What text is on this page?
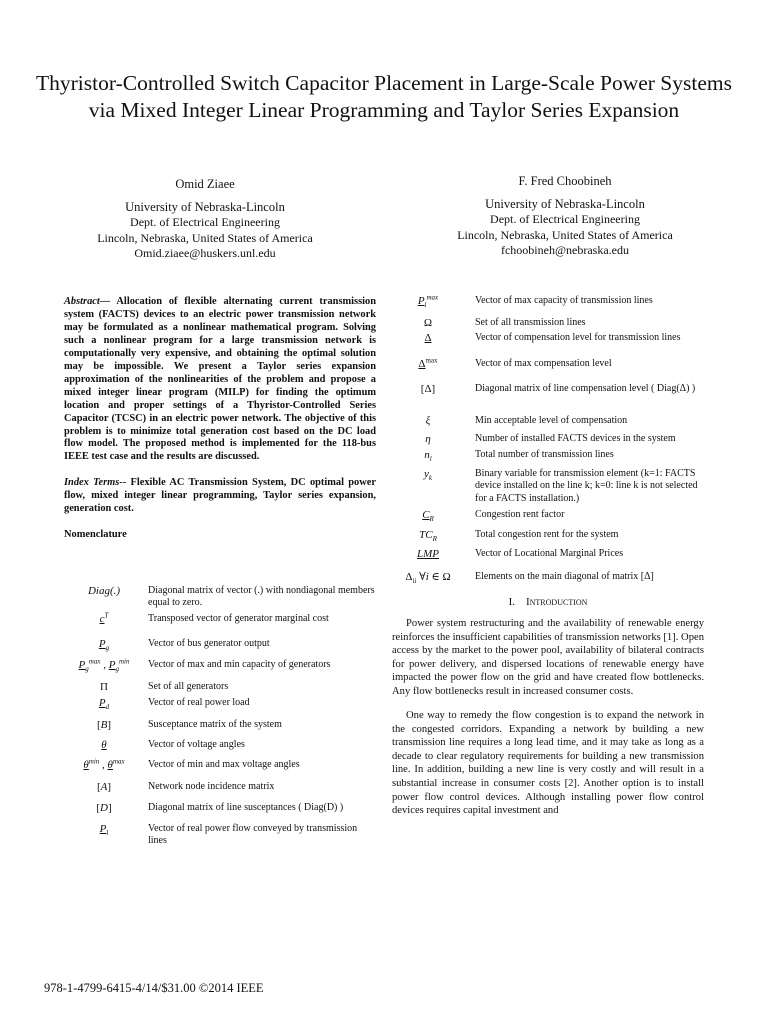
Thyristor-Controlled Switch Capacitor Placement in Large-Scale Power Systems via Mixed Integer Linear Programming and Taylor Series Expansion
Omid Ziaee
University of Nebraska-Lincoln
Dept. of Electrical Engineering
Lincoln, Nebraska, United States of America
Omid.ziaee@huskers.unl.edu
F. Fred Choobineh
University of Nebraska-Lincoln
Dept. of Electrical Engineering
Lincoln, Nebraska, United States of America
fchoobineh@nebraska.edu
Abstract— Allocation of flexible alternating current transmission system (FACTS) devices to an electric power transmission network may be formulated as a nonlinear mathematical program. Solving such a nonlinear program for a large transmission network is computationally very expensive, and obtaining the optimal solution may be impossible. We present a Taylor series expansion approximation of the nonlinearities of the problem and propose a mixed integer linear program (MILP) for finding the optimum location and proper settings of a Thyristor-Controlled Series Capacitor (TCSC) in an electric power network. The objective of this problem is to minimize total generation cost based on the DC load flow model. The proposed method is implemented for the 118-bus IEEE test case and the results are discussed.
Index Terms-- Flexible AC Transmission System, DC optimal power flow, mixed integer linear programming, Taylor series expansion, generation cost.
Nomenclature
Diag(.)	Diagonal matrix of vector (.) with nondiagonal members equal to zero.
$c^T$	Transposed vector of generator marginal cost
$P_g$	Vector of bus generator output
$P_g^{max}$ , $P_g^{min}$	Vector of max and min capacity of generators
Π	Set of all generators
$P_d$	Vector of real power load
[B]	Susceptance matrix of the system
θ	Vector of voltage angles
$\theta^{min}$ , $\theta^{max}$	Vector of min and max voltage angles
[A]	Network node incidence matrix
[D]	Diagonal matrix of line susceptances ( Diag(D) )
$P_l$	Vector of real power flow conveyed by transmission lines
$P_l^{max}$	Vector of max capacity of transmission lines
Ω	Set of all transmission lines
Δ	Vector of compensation level for transmission lines
$\Delta^{max}$	Vector of max compensation level
[Δ]	Diagonal matrix of line compensation level ( Diag(Δ) )
ξ	Min acceptable level of compensation
η	Number of installed FACTS devices in the system
$n_l$	Total number of transmission lines
$y_k$	Binary variable for transmission element (k=1: FACTS device installed on the line k; k=0: line k is not selected for a FACTS installation.)
$C_R$	Congestion rent factor
$TC_R$	Total congestion rent for the system
LMP	Vector of Locational Marginal Prices
$\Delta_{ii}$ ∀i ∈ Ω	Elements on the main diagonal of matrix [Δ]
I. Introduction

Power system restructuring and the availability of renewable energy reinforces the insufficient capabilities of transmission networks [1]. Open access by the market to the power pool, availability of bilateral contracts for power delivery, and dispersed locations of renewable energy have impacted the power flow on the grid and have created flow bottlenecks. Any flow bottlenecks result in increased consumer costs.

One way to remedy the flow congestion is to expand the network in the congested corridors. Expanding a network by building a new transmission line requires a long lead time, and it may take as long as a decade to clear regulatory requirements for building a new transmission line. In addition, building a new line is very costly and will result in a substantial increase in consumer costs [2]. Another option is to install power flow control devices. Although installing power flow control devices requires capital investment and

978-1-4799-6415-4/14/$31.00 ©2014 IEEE
